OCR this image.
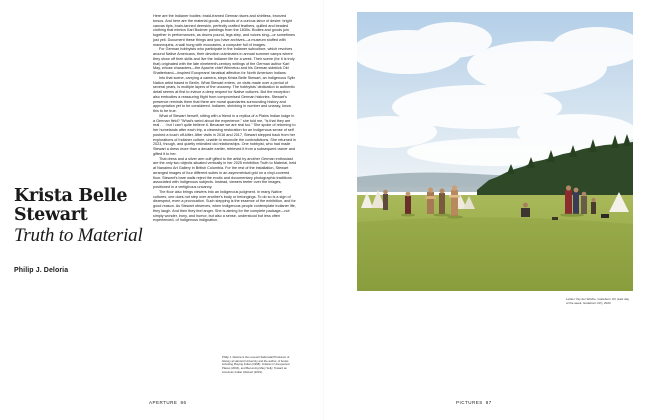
Krista Belle
Stewart
Truth to Material
Philip J. Deloria

Here are the Indianer bodies: braid-framed German faces and shirtless, bronzed torsos. And here are the material goods, products of a curious labor of desire: bright canvas tipis, brain-tanned deerskin, perfectly crafted feathers, quilled and beaded clothing that mimics Karl Bodmer paintings from the 1830s. Bodies and goods join together in performances, as drums pound, legs step, and voices sing—or sometimes just yell. Document these things and you have archives—a museum stuffed with mannequins, a wall hung with moccasins, a computer full of images.

For German hobbyists who participate in the Indianer subculture, which revolves around Native Americans, their devotion culminates in annual summer camps where they show off their skills and live the Indianer life for a week. Their scene (for it is truly that) originated with the late nineteenth-century writings of the German author Karl May, whose characters—the Apache chief Winnetou and his German sidekick Old Shatterhand—inspired Europeans' fanatical affection for North American Indians.

Into that scene, carrying a camera, steps Krista Belle Stewart, an Indigenous Syilx Nation artist based in Berlin. What Stewart enters, on visits made over a period of several years, is multiple layers of the uncanny. The hobbyists' dedication to authentic detail seems at first to evince a deep respect for Native cultures. But the exception also embodies a reassuring flight from compromised German histories. Stewart's presence reminds them that there are moral quandaries surrounding history and appropriation yet to be considered. Indianer, shrinking in number and uneasy, know this to be true.

What of Stewart herself, sitting with a friend in a replica of a Plains Indian lodge in a German field? "What's weird about the experience," she told me, "is that they are real . . . but I can't quite believe it. Because we are real too." She spoke of returning to her homelands after each trip, a cleansing restoration for an Indigenous sense of self pushed a touch off-kilter. After visits in 2016 and 2017, Stewart stepped back from her explorations of Indianer culture, unable to reconcile the contradictions. She returned in 2023, though, and quietly rekindled old relationships. One hobbyist, who had made Stewart a dress more than a decade earlier, retrieved it from a subsequent owner and gifted it to her.

That dress and a silver arm cuff gifted to the artist by another German enthusiast are the only two objects situated vertically in her 2025 exhibition Truth to Material, held at Nanaimo Art Gallery in British Columbia. For the rest of the installation, Stewart arranged images of four different suites in an asymmetrical grid on a vinyl-covered floor. Stewart's bare walls reject the exotic and documentary photographic traditions associated with Indigenous subjects. Instead, viewers teeter over the images, positioned in a vertiginous uncanny.

The floor also brings viewers into an Indigenous judgment. In many Native cultures, one does not step over another's body or belongings. To do so is a sign of disrespect, even a provocation. Such stepping is the essence of the exhibition, and for good reason. As Stewart observes, when Indigenous people contemplate Indianer life, they laugh. And then they feel anger. She is aiming for the complete package—not simply wonder, irony, and humor, but also a sense, understood but less often experienced, of Indigenous indignation.

Philip J. Deloria is the Leverett Saltonstall Professor of History at Harvard University and the author, of books including Playing Indian (1998), Indians in Unexpected Places (2004), and Becoming Mary Sully: Toward an American Indian Abstract (2019).

APERTURE 86

Leisler Yay der Woche, Gotteborn Ort (Last day of the week, Gotteborn Ort), 2023

PICTURES 87
